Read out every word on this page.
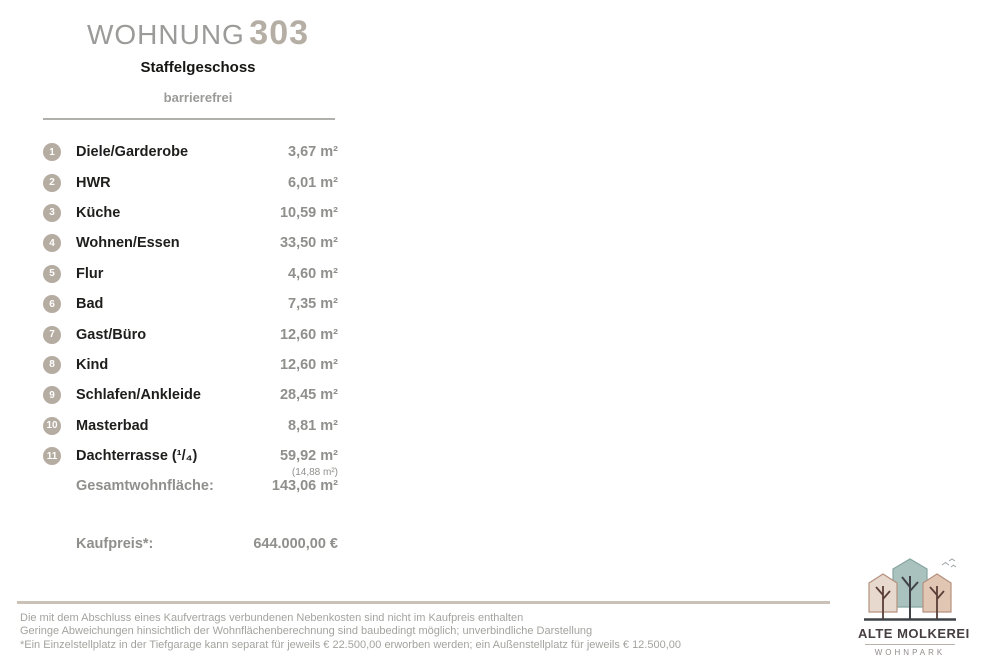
WOHNUNG 303
Staffelgeschoss
barrierefrei
1	Diele/Garderobe	3,67 m²
2	HWR	6,01 m²
3	Küche	10,59 m²
4	Wohnen/Essen	33,50 m²
5	Flur	4,60 m²
6	Bad	7,35 m²
7	Gast/Büro	12,60 m²
8	Kind	12,60 m²
9	Schlafen/Ankleide	28,45 m²
10 Masterbad	8,81 m²
11 Dachterrasse (¹/₄)	59,92 m²
(14,88 m²)
Gesamtwohnfläche:	143,06 m²
Kaufpreis*:	644.000,00 €
Die mit dem Abschluss eines Kaufvertrags verbundenen Nebenkosten sind nicht im Kaufpreis enthalten
Geringe Abweichungen hinsichtlich der Wohnflächenberechnung sind baubedingt möglich; unverbindliche Darstellung
*Ein Einzelstellplatz in der Tiefgarage kann separat für jeweils € 22.500,00 erworben werden; ein Außenstellplatz für jeweils € 12.500,00
ALTE MOLKEREI
WOHNPARK
